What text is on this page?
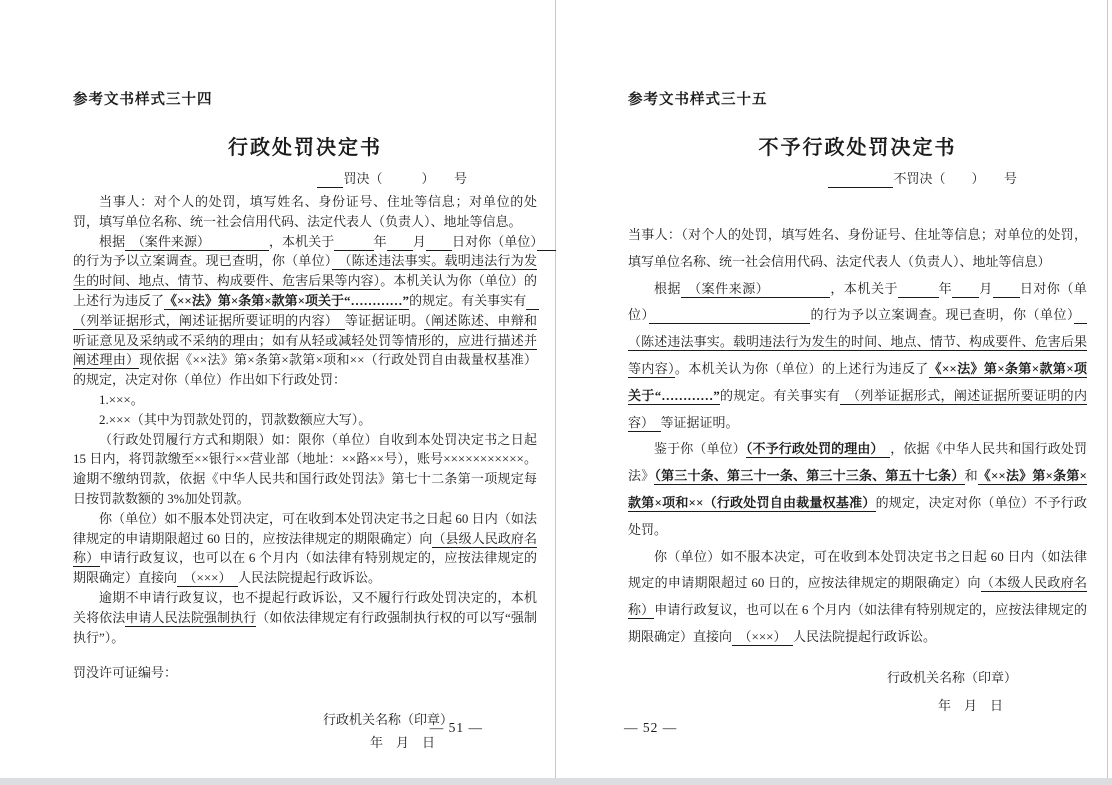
参考文书样式三十四
行政处罚决定书

　　罚决（　　　）　　号

当事人：对个人的处罚，填写姓名、身份证号、住址等信息；对单位的处罚，填写单位名称、统一社会信用代码、法定代表人（负责人）、地址等信息。

根据　（案件来源）　　　　　，本机关于　　　	年　　 月　　 日对你（单位）　　　　　　　　　　　　的行为予以立案调查。现已查明，你（单位）　（陈述违法事实。载明违法行为发生的时间、地点、情节、构成要件、危害后果等内容）。本机关认为你（单位）的上述行为违反了《××法》第×条第×款第×项关于“…………”的规定。有关事实有　（列举证据形式，阐述证据所要证明的内容）　等证据证明。（阐述陈述、申辩和听证意见及采纳或不采纳的理由；如有从轻或减轻处罚等情形的，应进行描述并阐述理由）现依据《××法》第×条第×款第×项和××（行政处罚自由裁量权基准）的规定，决定对你（单位）作出如下行政处罚：

1.×××。

2.×××（其中为罚款处罚的，罚款数额应大写）。

（行政处罚履行方式和期限）如：限你（单位）自收到本处罚决定书之日起 15 日内，将罚款缴至××银行××营业部（地址：××路××号），账号×××××××××××。逾期不缴纳罚款，依据《中华人民共和国行政处罚法》第七十二条第一项规定每日按罚款数额的 3%加处罚款。

你（单位）如不服本处罚决定，可在收到本处罚决定书之日起 60 日内（如法律规定的申请期限超过 60 日的，应按法律规定的期限确定）向（县级人民政府名称）申请行政复议，也可以在 6 个月内（如法律有特别规定的，应按法律规定的期限确定）直接向　（×××）　人民法院提起行政诉讼。

逾期不申请行政复议，也不提起行政诉讼，又不履行行政处罚决定的，本机关将依法申请人民法院强制执行（如依法律规定有行政强制执行权的可以写“强制执行”）。

罚没许可证编号：

行政机关名称（印章）
年　月　日
— 51 —
参考文书样式三十五
不予行政处罚决定书

　　　　　不罚决（　　）　　号

当事人：（对个人的处罚，填写姓名、身份证号、住址等信息；对单位的处罚，填写单位名称、统一社会信用代码、法定代表人（负责人）、地址等信息）

根据　（案件来源）　　　　　，本机关于　　　	年　　 月　　 日对你（单位）　　　　　　　　　　　　	的行为予以立案调查。现已查明，你（单位）　（陈述违法事实。载明违法行为发生的时间、地点、情节、构成要件、危害后果等内容）。本机关认为你（单位）的上述行为违反了《××法》第×条第×款第×项关于“…………”的规定。有关事实有　（列举证据形式，阐述证据所要证明的内容）　等证据证明。

鉴于你（单位）（不予行政处罚的理由）　，依据《中华人民共和国行政处罚法》（第三十条、第三十一条、第三十三条、第五十七条）和《××法》第×条第×款第×项和××（行政处罚自由裁量权基准）的规定，决定对你（单位）不予行政处罚。

你（单位）如不服本决定，可在收到本处罚决定书之日起 60 日内（如法律规定的申请期限超过 60 日的，应按法律规定的期限确定）向（本级人民政府名称）申请行政复议，也可以在 6 个月内（如法律有特别规定的，应按法律规定的期限确定）直接向　（×××）　人民法院提起行政诉讼。

行政机关名称（印章）
年　月　日
— 52 —
